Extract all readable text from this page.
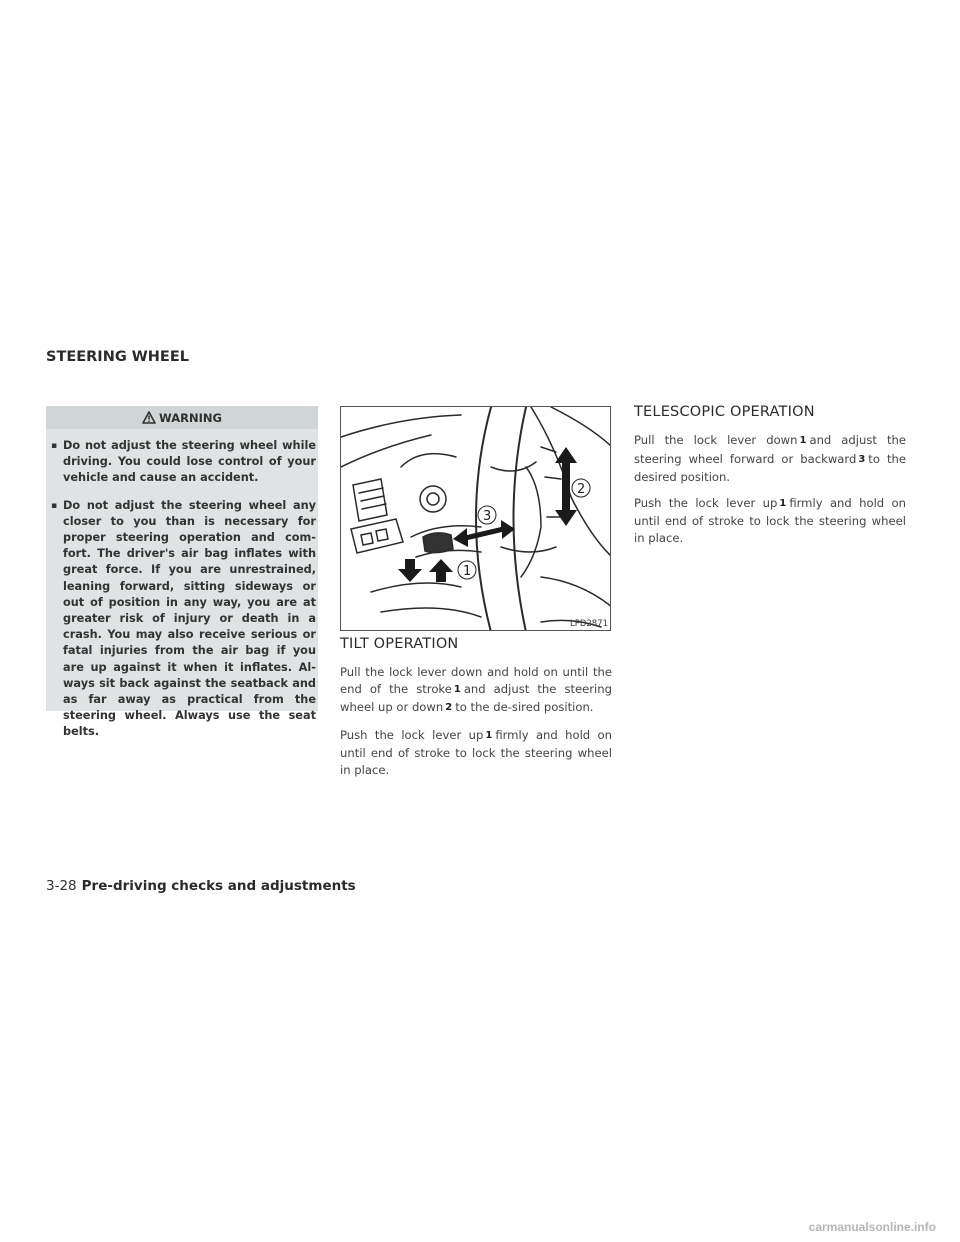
STEERING WHEEL
WARNING
▪ Do not adjust the steering wheel while driving. You could lose control of your vehicle and cause an accident.
▪ Do not adjust the steering wheel any closer to you than is necessary for proper steering operation and com-fort. The driver's air bag inflates with great force. If you are unrestrained, leaning forward, sitting sideways or out of position in any way, you are at greater risk of injury or death in a crash. You may also receive serious or fatal injuries from the air bag if you are up against it when it inflates. Al-ways sit back against the seatback and as far away as practical from the steering wheel. Always use the seat belts.
1
2
3
LPD2871
TILT OPERATION

Pull the lock lever down and hold on until the end of the stroke 1 and adjust the steering wheel up or down 2 to the de-sired position.

Push the lock lever up 1 firmly and hold on until end of stroke to lock the steering wheel in place.

TELESCOPIC OPERATION

Pull the lock lever down 1 and adjust the steering wheel forward or backward 3 to the desired position.

Push the lock lever up 1 firmly and hold on until end of stroke to lock the steering wheel in place.

3-28 Pre-driving checks and adjustments
carmanualsonline.info
